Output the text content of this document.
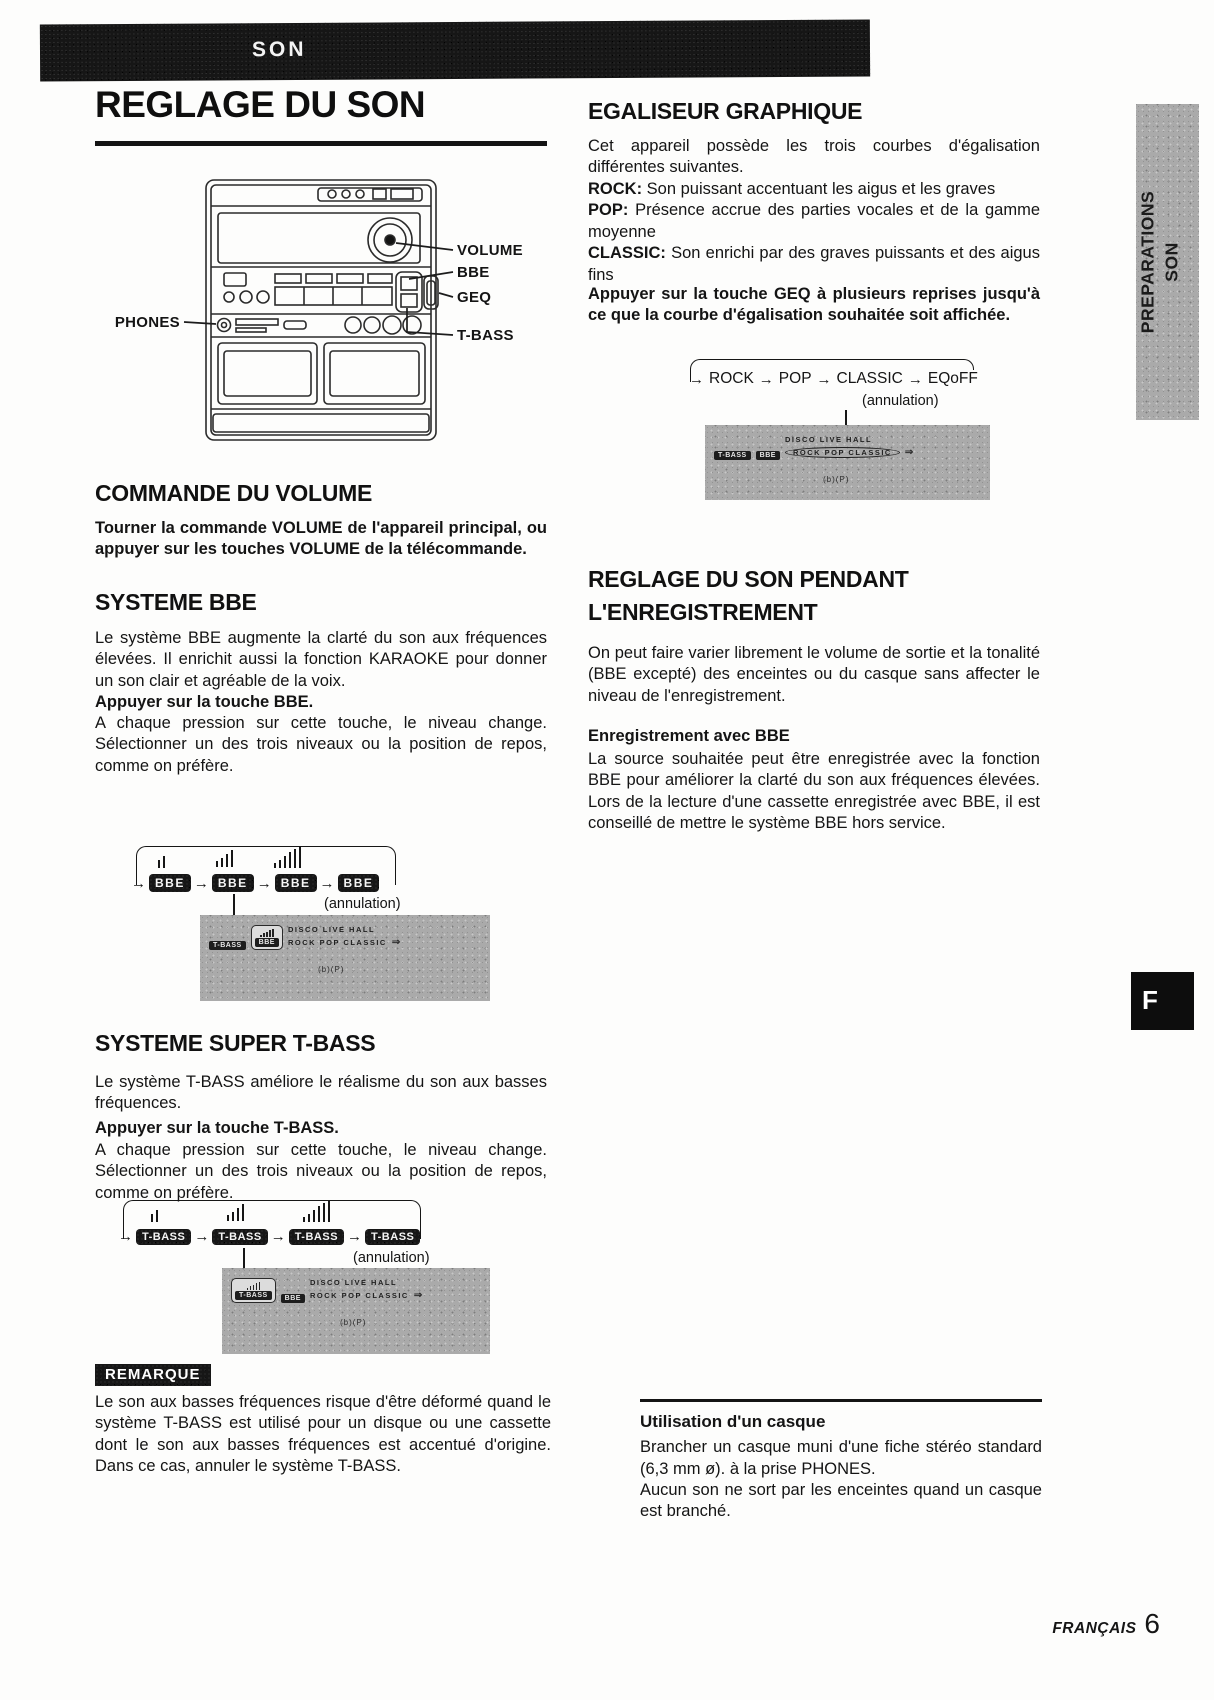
SON
REGLAGE DU SON
VOLUME
BBE
GEQ
T-BASS
PHONES
COMMANDE DU VOLUME
Tourner la commande VOLUME de l'appareil principal, ou appuyer sur les touches VOLUME de la télécommande.
SYSTEME BBE
Le système BBE augmente la clarté du son aux fréquences élevées. Il enrichit aussi la fonction KARAOKE pour donner un son clair et agréable de la voix.
Appuyer sur la touche BBE.
A chaque pression sur cette touche, le niveau change. Sélectionner un des trois niveaux ou la position de repos, comme on préfère.
→ BBE → BBE → BBE → BBE
(annulation)
T-BASS	BBE
DISCO LIVE HALL
ROCK POP CLASSIC ⇒
(b)(P)
SYSTEME SUPER T-BASS
Le système T-BASS améliore le réalisme du son aux basses fréquences.
Appuyer sur la touche T-BASS.
A chaque pression sur cette touche, le niveau change. Sélectionner un des trois niveaux ou la position de repos, comme on préfère.
→ T-BASS → T-BASS → T-BASS → T-BASS
(annulation)
T-BASS	BBE
DISCO LIVE HALL
ROCK POP CLASSIC ⇒
(b)(P)
REMARQUE
Le son aux basses fréquences risque d'être déformé quand le système T-BASS est utilisé pour un disque ou une cassette dont le son aux basses fréquences est accentué d'origine. Dans ce cas, annuler le système T-BASS.
EGALISEUR GRAPHIQUE
Cet appareil possède les trois courbes d'égalisation différentes suivantes.
ROCK: Son puissant accentuant les aigus et les graves
POP: Présence accrue des parties vocales et de la gamme moyenne
CLASSIC: Son enrichi par des graves puissants et des aigus fins
Appuyer sur la touche GEQ à plusieurs reprises jusqu'à ce que la courbe d'égalisation souhaitée soit affichée.
→ ROCK → POP → CLASSIC → EQoFF
(annulation)
T-BASS	BBE
DISCO LIVE HALL
ROCK POP CLASSIC	⇒
(b)(P)
REGLAGE DU SON PENDANT
L'ENREGISTREMENT
On peut faire varier librement le volume de sortie et la tonalité (BBE excepté) des enceintes ou du casque sans affecter le niveau de l'enregistrement.
Enregistrement avec BBE
La source souhaitée peut être enregistrée avec la fonction BBE pour améliorer la clarté du son aux fréquences élevées. Lors de la lecture d'une cassette enregistrée avec BBE, il est conseillé de mettre le système BBE hors service.
Utilisation d'un casque
Brancher un casque muni d'une fiche stéréo standard (6,3 mm ø). à la prise PHONES.
Aucun son ne sort par les enceintes quand un casque est branché.
PREPARATIONS SON
F
FRANÇAIS 6
